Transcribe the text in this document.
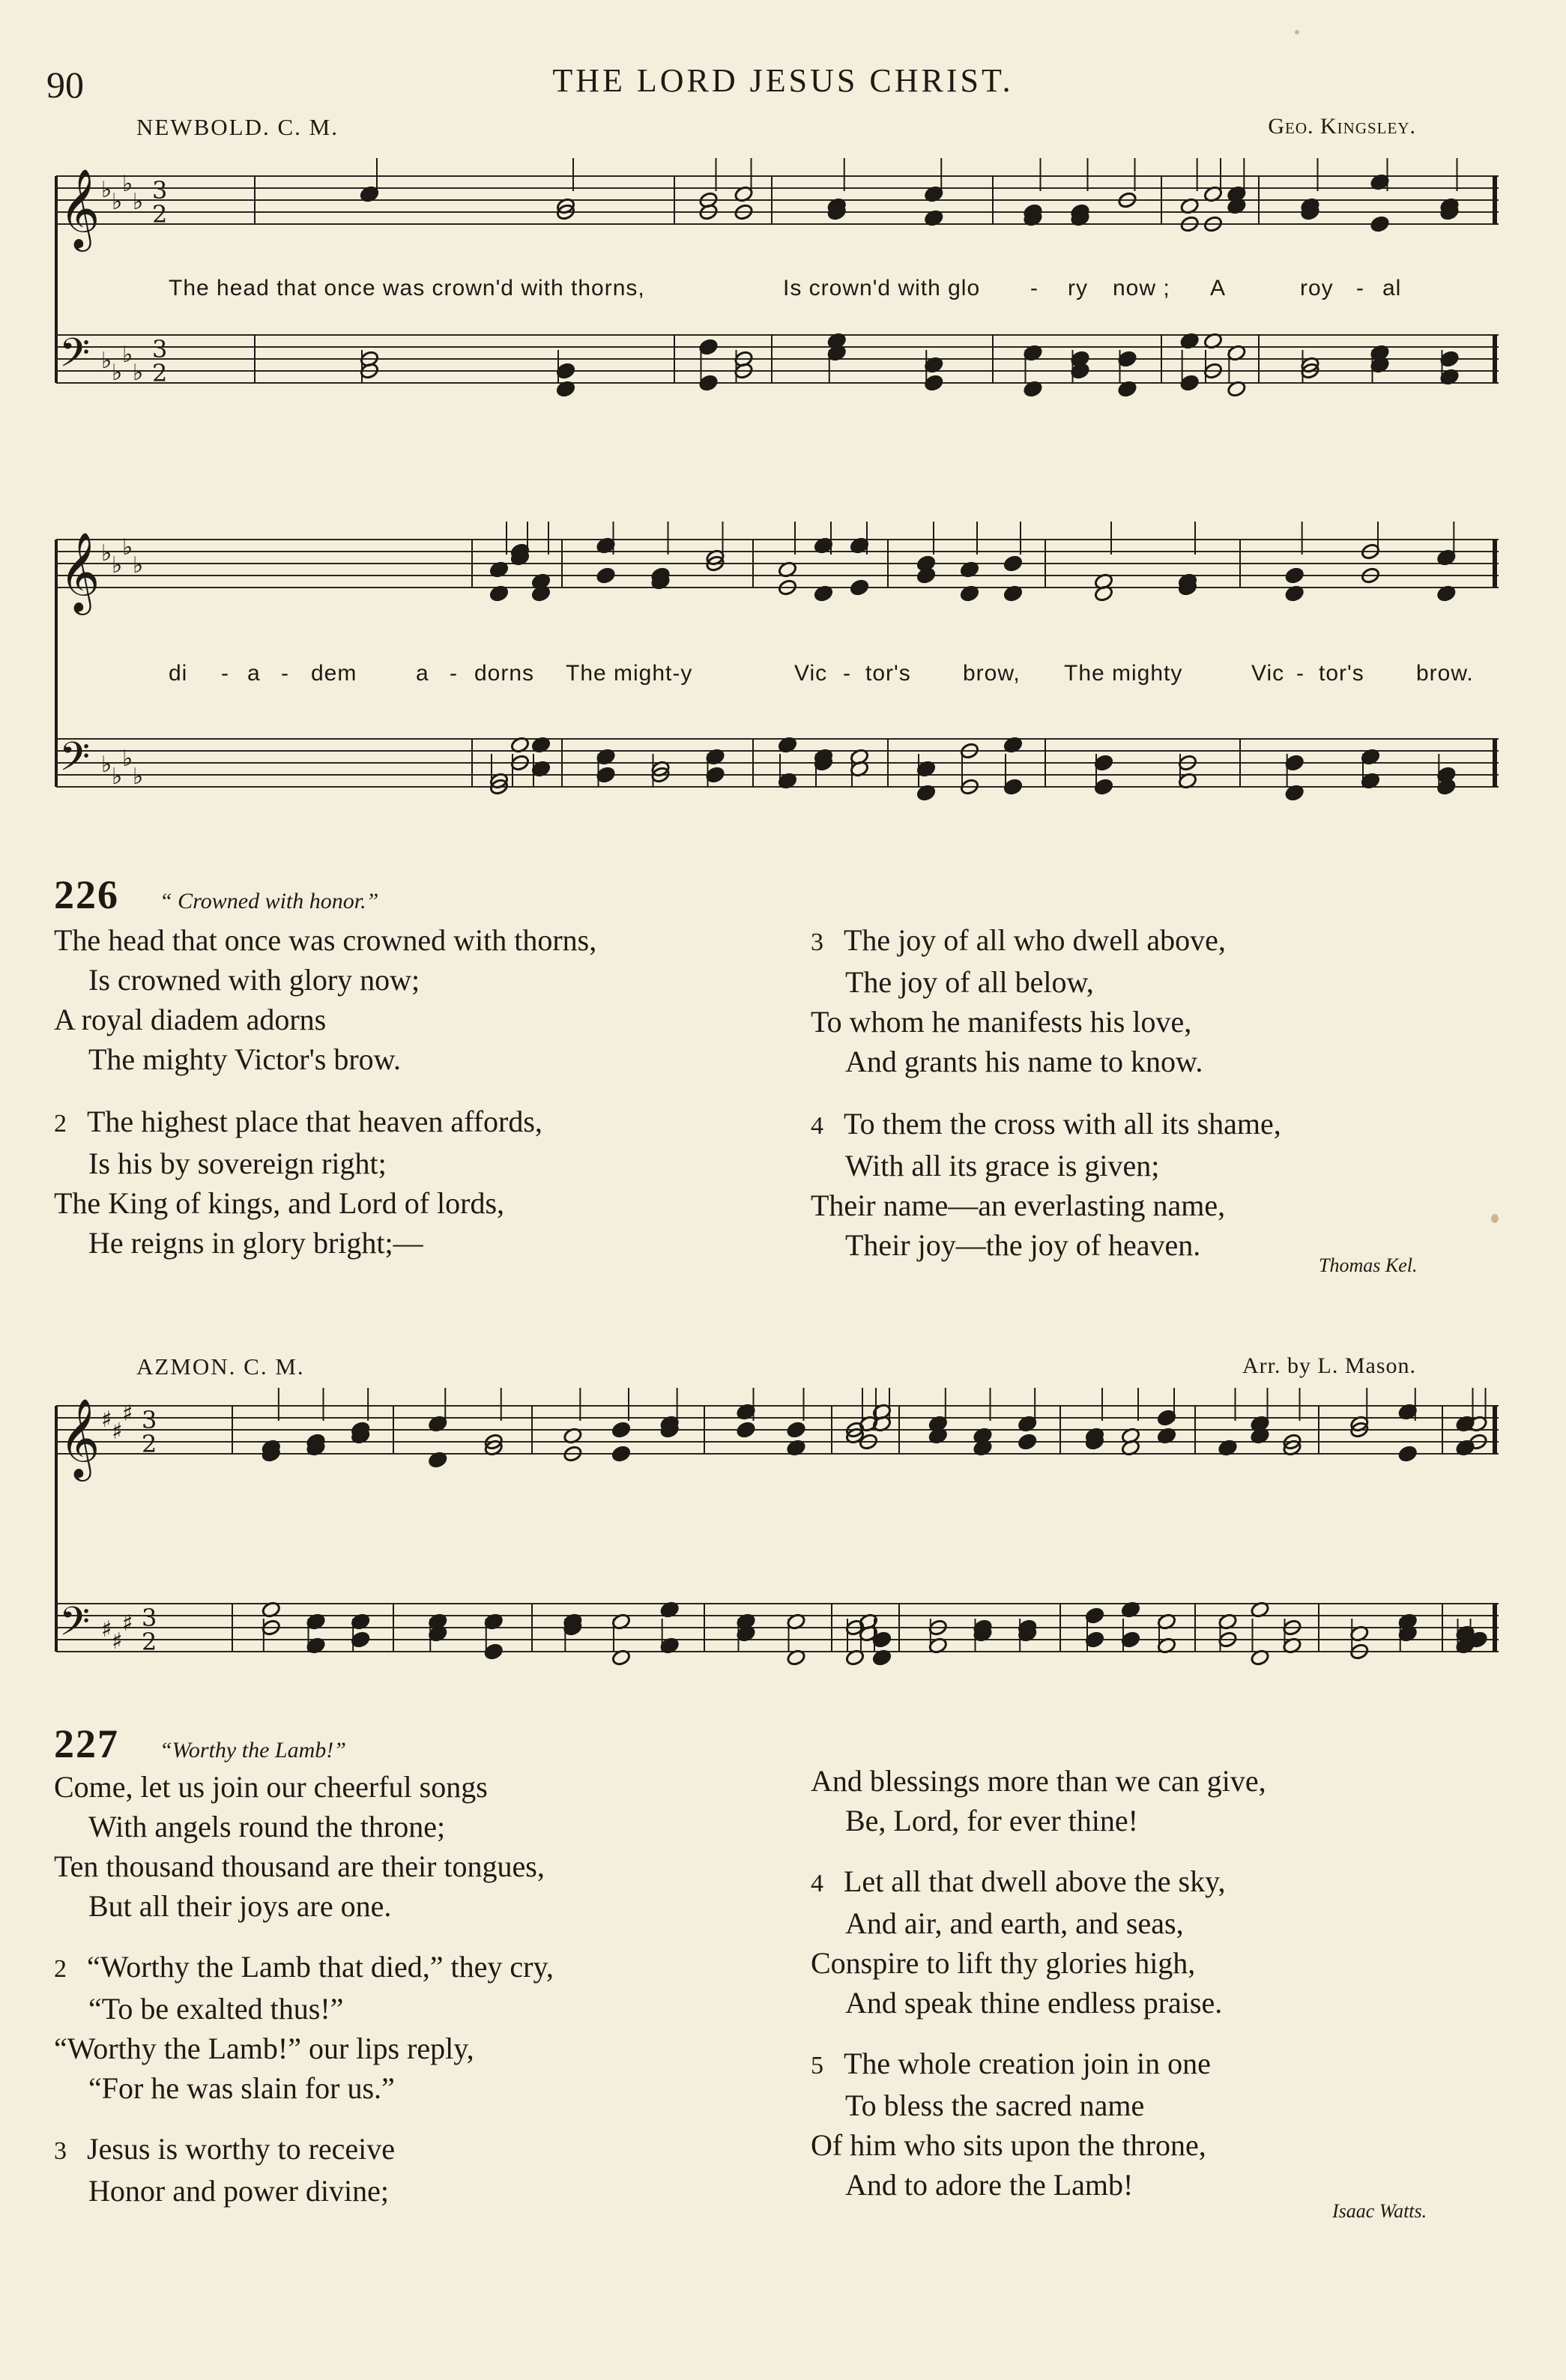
90	THE LORD JESUS CHRIST.
NEWBOLD. C. M.	Geo. Kingsley.
𝄞 ♭ ♭
♭
♭ 3
2
𝄢 ♭ ♭
♭
♭
3
2
The head that once was crown'd with thorns,	Is crown'd with glo - ry now ; A	roy - al
𝄞 ♭ ♭
♭
♭
𝄢 ♭ ♭
♭
♭
di - a - dem	a - dorns The might-y	Vic - tor's brow, The mighty	Vic - tor's brow.
226 “ Crowned with honor.”
The head that once was crowned with thorns,
Is crowned with glory now;
A royal diadem adorns
The mighty Victor's brow.
2 The highest place that heaven affords,
Is his by sovereign right;
The King of kings, and Lord of lords,
He reigns in glory bright;—
3 The joy of all who dwell above,
The joy of all below,
To whom he manifests his love,
And grants his name to know.
4 To them the cross with all its shame,
With all its grace is given;
Their name—an everlasting name,
Their joy—the joy of heaven.
Thomas Kel.
AZMON. C. M.	Arr. by L. Mason.
𝄞 ♯ ♯
♯ 3
2
𝄢 ♯ ♯
♯ 3
2
227 “Worthy the Lamb!”
Come, let us join our cheerful songs
With angels round the throne;
Ten thousand thousand are their tongues,
But all their joys are one.
2 “Worthy the Lamb that died,” they cry,
“To be exalted thus!”
“Worthy the Lamb!” our lips reply,
“For he was slain for us.”
3 Jesus is worthy to receive
Honor and power divine;
And blessings more than we can give,
Be, Lord, for ever thine!
4 Let all that dwell above the sky,
And air, and earth, and seas,
Conspire to lift thy glories high,
And speak thine endless praise.
5 The whole creation join in one
To bless the sacred name
Of him who sits upon the throne,
And to adore the Lamb!
Isaac Watts.
